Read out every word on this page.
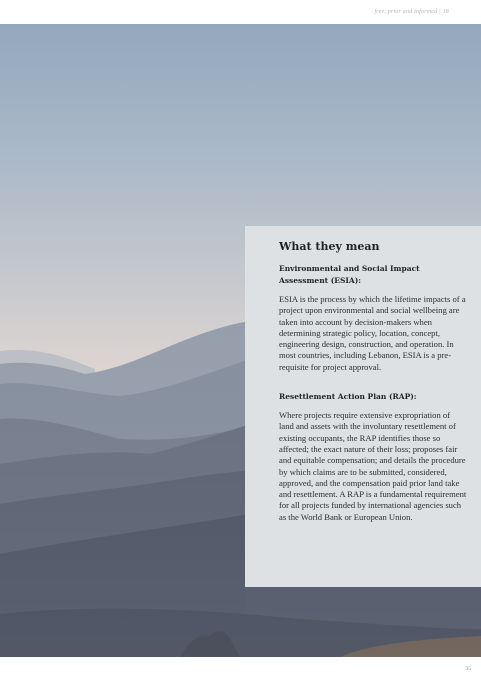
free, prior and informed | 18
What they mean
Environmental and Social Impact Assessment (ESIA):

ESIA is the process by which the lifetime impacts of a project upon environmental and social wellbeing are taken into account by decision-makers when determining strategic policy, location, concept, engineering design, construction, and operation. In most countries, including Lebanon, ESIA is a pre-requisite for project approval.

Resettlement Action Plan (RAP):

Where projects require extensive expropriation of land and assets with the involuntary resettlement of existing occupants, the RAP identifies those so affected; the exact nature of their loss; proposes fair and equitable compensation; and details the procedure by which claims are to be submitted, considered, approved, and the compensation paid prior land take and resettlement. A RAP is a fundamental requirement for all projects funded by international agencies such as the World Bank or European Union.

35
